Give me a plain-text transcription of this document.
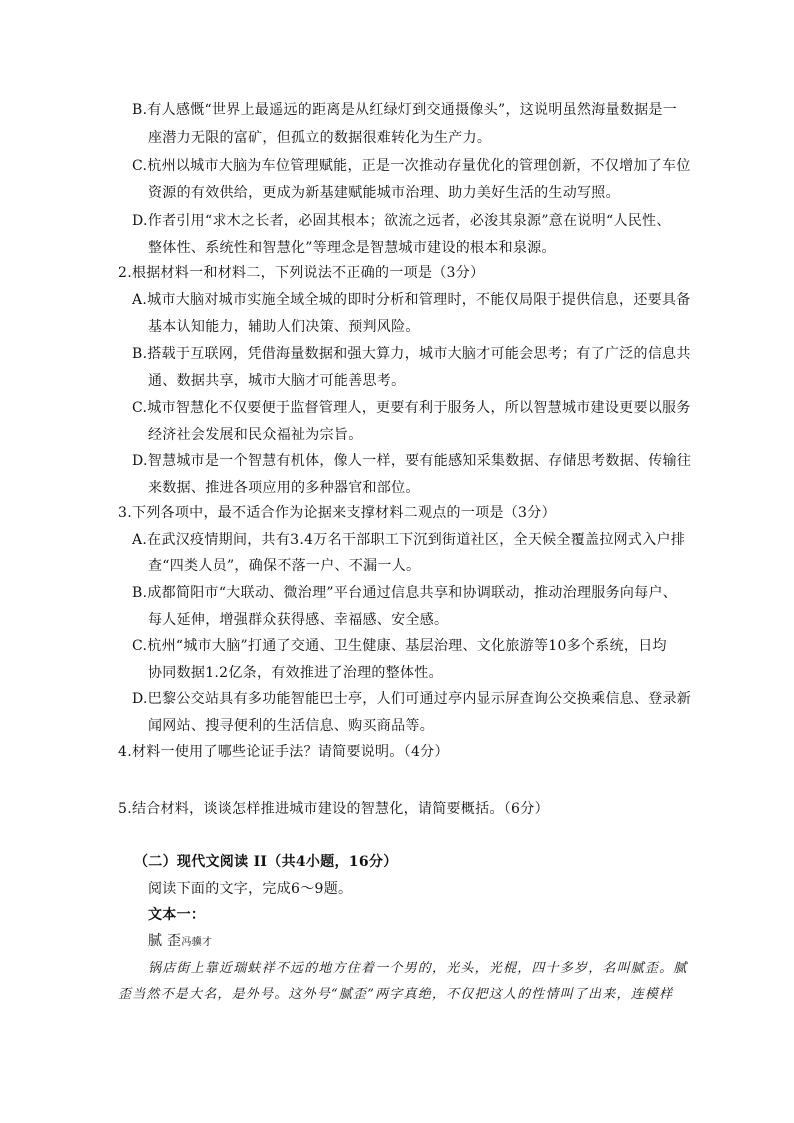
B.有人感慨“世界上最遥远的距离是从红绿灯到交通摄像头”，这说明虽然海量数据是一
座潜力无限的富矿，但孤立的数据很难转化为生产力。
C.杭州以城市大脑为车位管理赋能，正是一次推动存量优化的管理创新，不仅增加了车位
资源的有效供给，更成为新基建赋能城市治理、助力美好生活的生动写照。
D.作者引用“求木之长者，必固其根本；欲流之远者，必浚其泉源”意在说明“人民性、
整体性、系统性和智慧化”等理念是智慧城市建设的根本和泉源。
2.根据材料一和材料二，下列说法不正确的一项是（3分）
A.城市大脑对城市实施全域全城的即时分析和管理时，不能仅局限于提供信息，还要具备
基本认知能力，辅助人们决策、预判风险。
B.搭载于互联网，凭借海量数据和强大算力，城市大脑才可能会思考；有了广泛的信息共
通、数据共享，城市大脑才可能善思考。
C.城市智慧化不仅要便于监督管理人，更要有利于服务人，所以智慧城市建设更要以服务
经济社会发展和民众福祉为宗旨。
D.智慧城市是一个智慧有机体，像人一样，要有能感知采集数据、存储思考数据、传输往
来数据、推进各项应用的多种器官和部位。
3.下列各项中，最不适合作为论据来支撑材料二观点的一项是（3分）
A.在武汉疫情期间，共有3.4万名干部职工下沉到街道社区，全天候全覆盖拉网式入户排
查“四类人员”，确保不落一户、不漏一人。
B.成都简阳市“大联动、微治理”平台通过信息共享和协调联动，推动治理服务向每户、
每人延伸，增强群众获得感、幸福感、安全感。
C.杭州“城市大脑”打通了交通、卫生健康、基层治理、文化旅游等10多个系统，日均
协同数据1.2亿条，有效推进了治理的整体性。
D.巴黎公交站具有多功能智能巴士亭，人们可通过亭内显示屏查询公交换乘信息、登录新
闻网站、搜寻便利的生活信息、购买商品等。
4.材料一使用了哪些论证手法？请简要说明。（4分）
5.结合材料，谈谈怎样推进城市建设的智慧化，请简要概括。（6分）
（二）现代文阅读 II（共4小题，16分）
阅读下面的文字，完成6～9题。
文本一：
腻 歪冯骥才
锅店街上靠近瑞蚨祥不远的地方住着一个男的，光头，光棍，四十多岁，名叫腻歪。腻
歪当然不是大名，是外号。这外号“腻歪”两字真绝，不仅把这人的性情叫了出来，连模样
